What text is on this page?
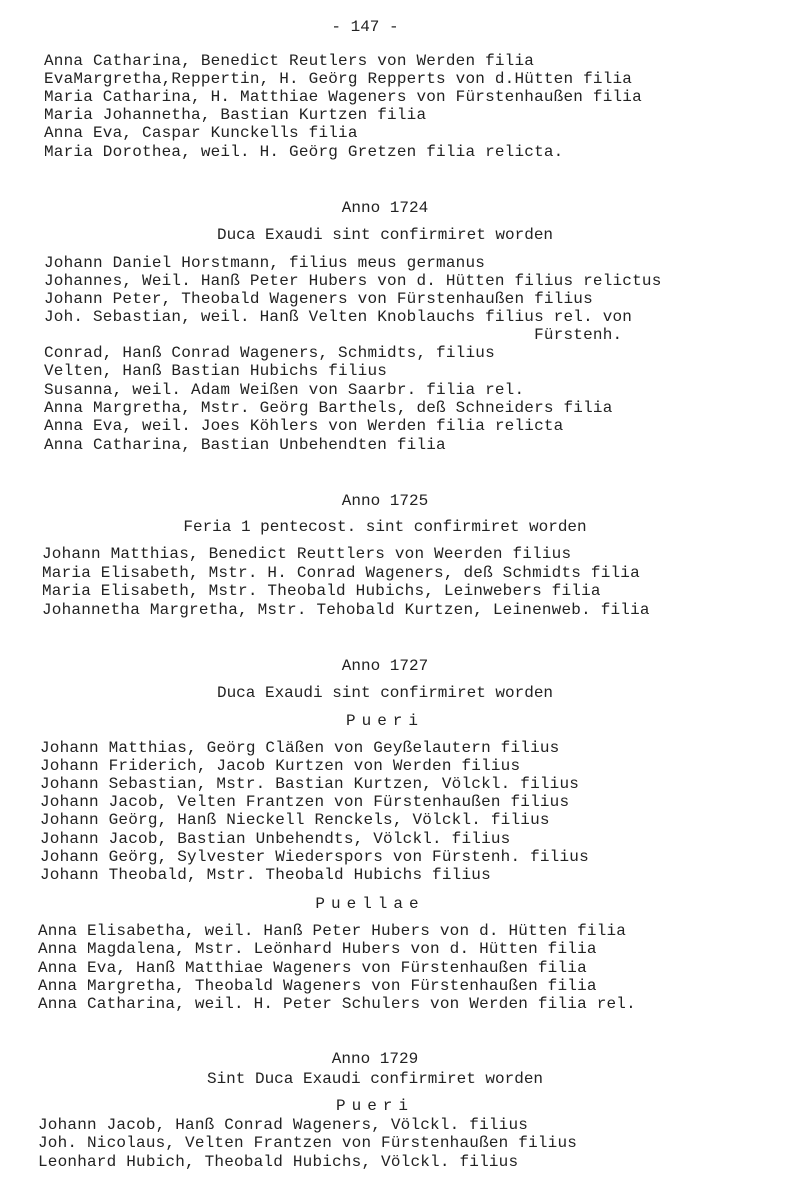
- 147 -
Anna Catharina, Benedict Reutlers von Werden filia
EvaMargretha,Reppertin, H. Geörg Repperts von d.Hütten filia
Maria Catharina, H. Matthiae Wageners von Fürstenhaußen filia
Maria Johannetha, Bastian Kurtzen filia
Anna Eva, Caspar Kunckells filia
Maria Dorothea, weil. H. Geörg Gretzen filia relicta.
Anno 1724
Duca Exaudi sint confirmiret worden
Johann Daniel Horstmann, filius meus germanus
Johannes, Weil. Hanß Peter Hubers von d. Hütten filius relictus
Johann Peter, Theobald Wageners von Fürstenhaußen filius
Joh. Sebastian, weil. Hanß Velten Knoblauchs filius rel. von
Fürstenh.
Conrad, Hanß Conrad Wageners, Schmidts, filius
Velten, Hanß Bastian Hubichs filius
Susanna, weil. Adam Weißen von Saarbr. filia rel.
Anna Margretha, Mstr. Geörg Barthels, deß Schneiders filia
Anna Eva, weil. Joes Köhlers von Werden filia relicta
Anna Catharina, Bastian Unbehendten filia
Anno 1725
Feria 1 pentecost. sint confirmiret worden
Johann Matthias, Benedict Reuttlers von Weerden filius
Maria Elisabeth, Mstr. H. Conrad Wageners, deß Schmidts filia
Maria Elisabeth, Mstr. Theobald Hubichs, Leinwebers filia
Johannetha Margretha, Mstr. Tehobald Kurtzen, Leinenweb. filia
Anno 1727
Duca Exaudi sint confirmiret worden
Pueri
Johann Matthias, Geörg Cläßen von Geyßelautern filius
Johann Friderich, Jacob Kurtzen von Werden filius
Johann Sebastian, Mstr. Bastian Kurtzen, Völckl. filius
Johann Jacob, Velten Frantzen von Fürstenhaußen filius
Johann Geörg, Hanß Nieckell Renckels, Völckl. filius
Johann Jacob, Bastian Unbehendts, Völckl. filius
Johann Geörg, Sylvester Wiederspors von Fürstenh. filius
Johann Theobald, Mstr. Theobald Hubichs filius
Puellae
Anna Elisabetha, weil. Hanß Peter Hubers von d. Hütten filia
Anna Magdalena, Mstr. Leönhard Hubers von d. Hütten filia
Anna Eva, Hanß Matthiae Wageners von Fürstenhaußen filia
Anna Margretha, Theobald Wageners von Fürstenhaußen filia
Anna Catharina, weil. H. Peter Schulers von Werden filia rel.
Anno 1729
Sint Duca Exaudi confirmiret worden
Pueri
Johann Jacob, Hanß Conrad Wageners, Völckl. filius
Joh. Nicolaus, Velten Frantzen von Fürstenhaußen filius
Leonhard Hubich, Theobald Hubichs, Völckl. filius
